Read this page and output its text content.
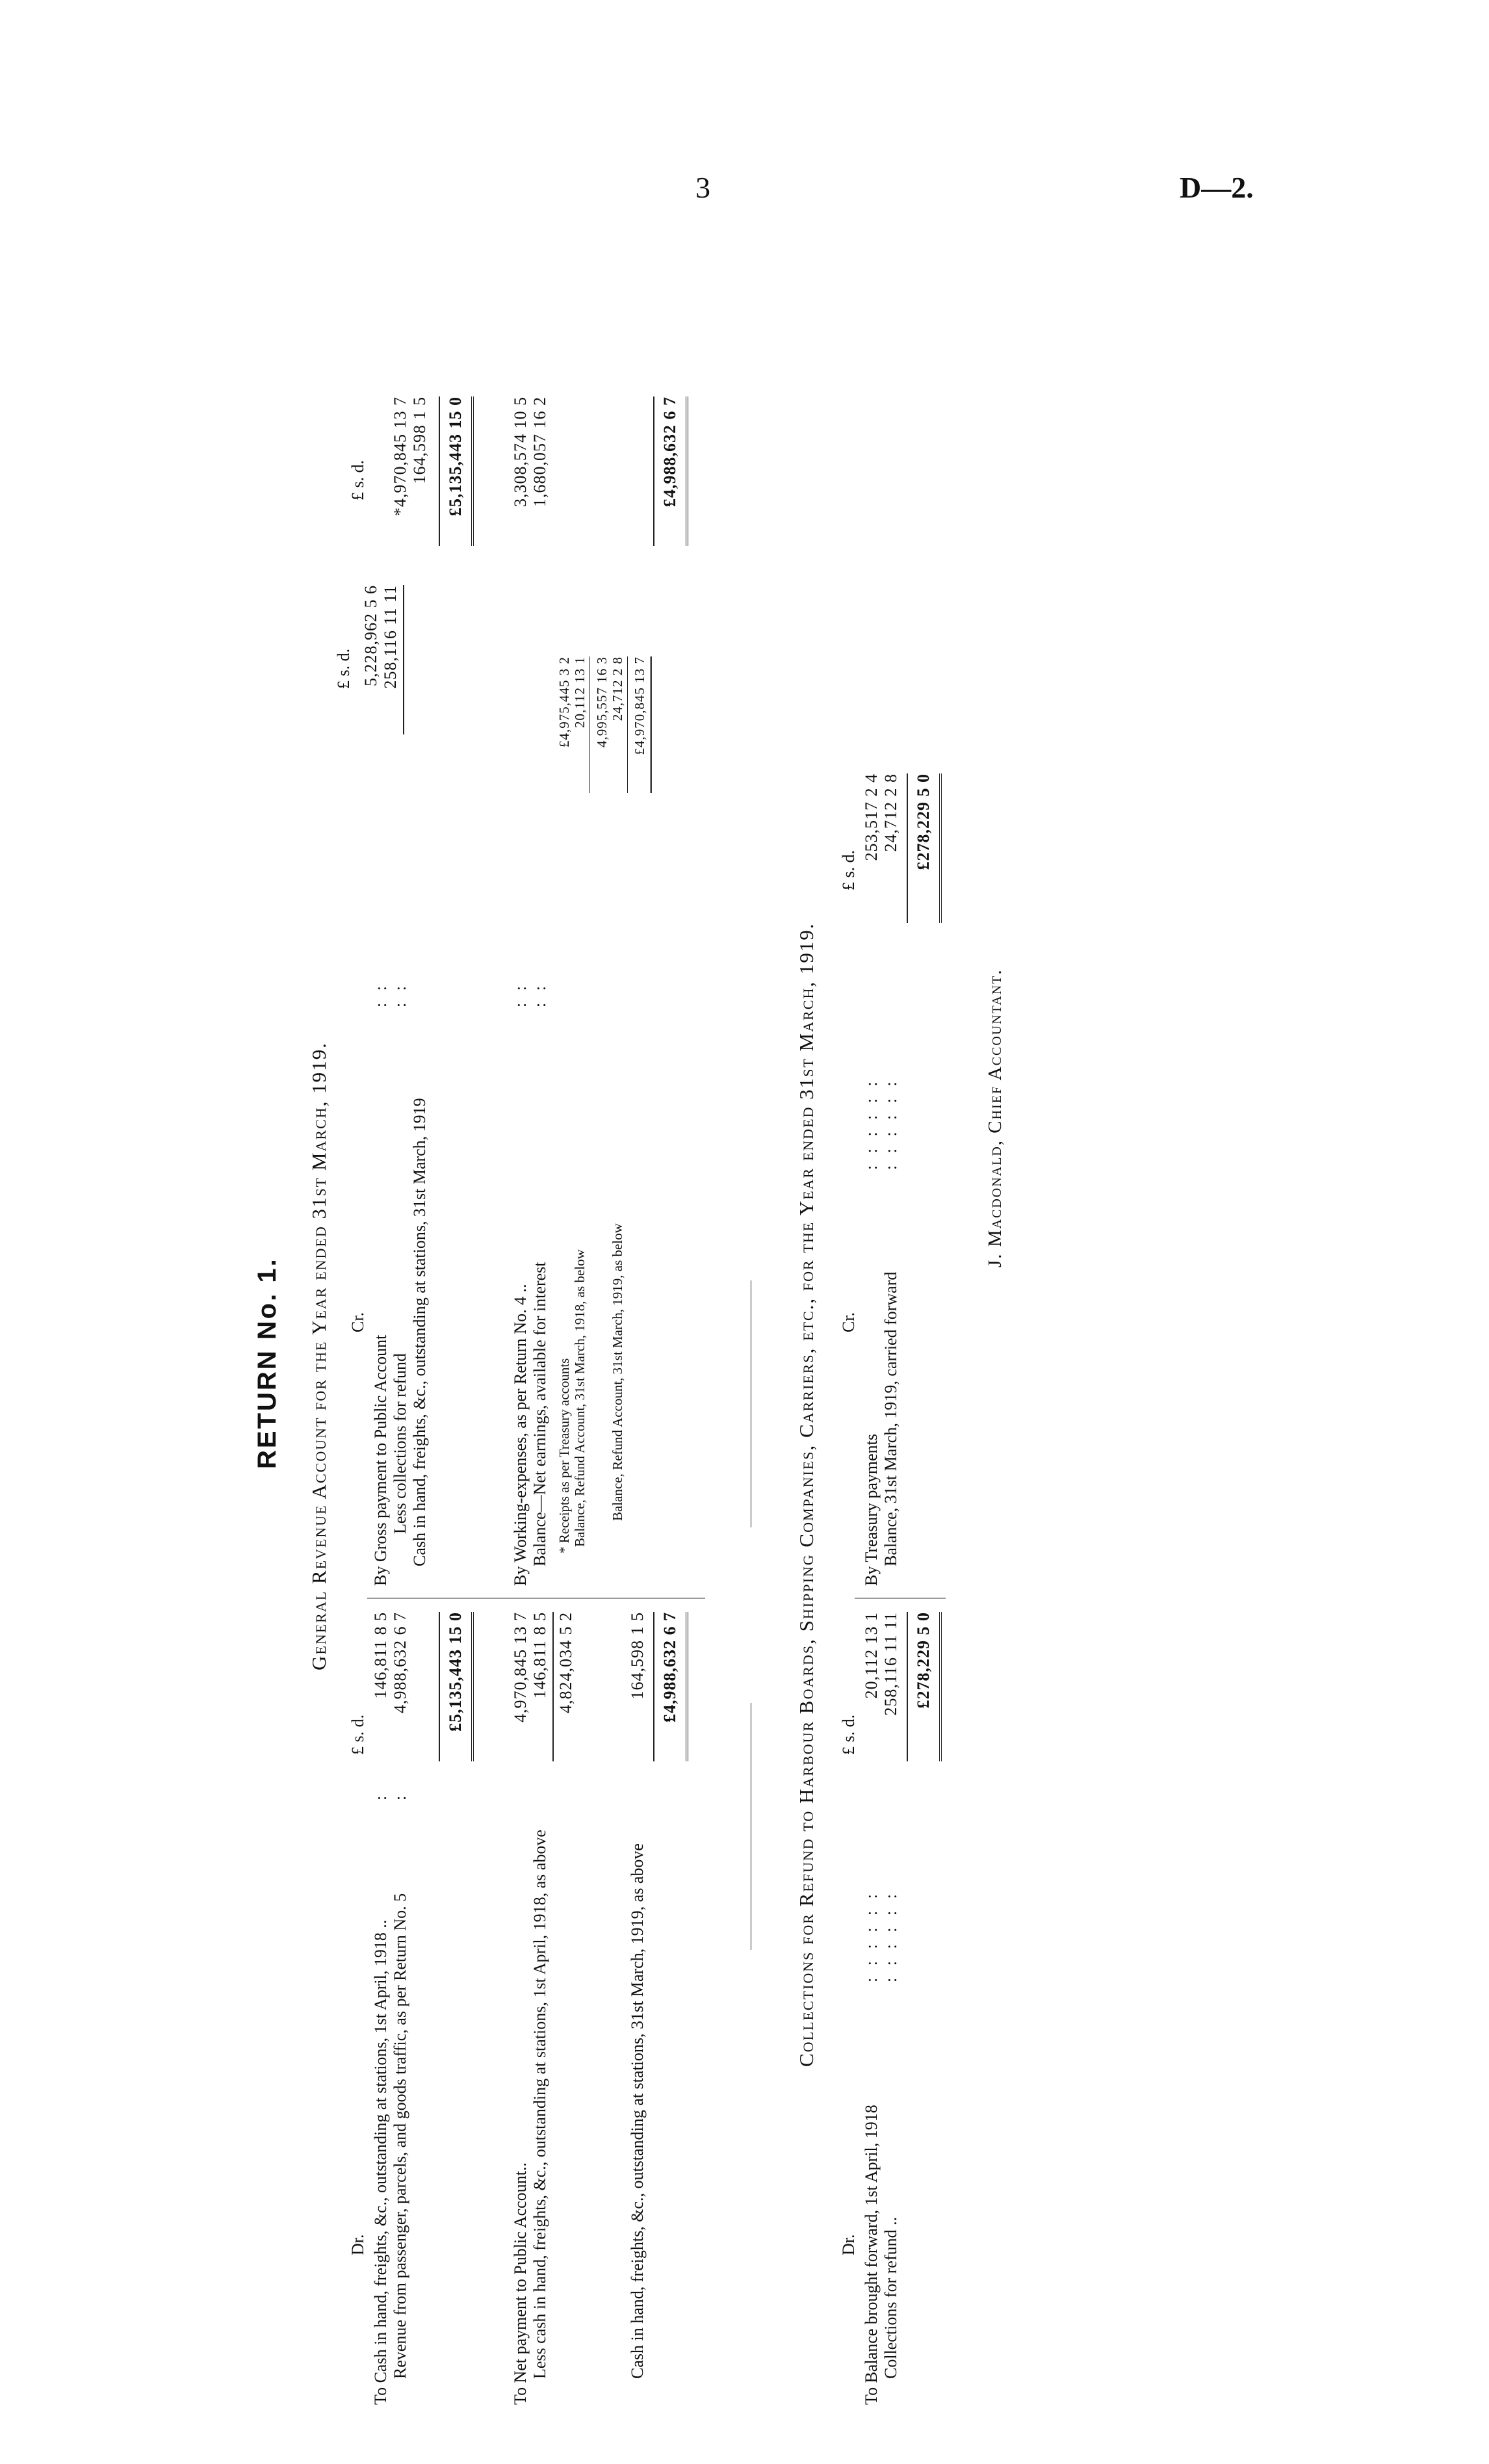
3	D—2.
RETURN No. 1. General Revenue Account for the Year ended 31st March, 1919.
Dr.
£ s. d.
Cr.
£ s. d.
£ s. d.
To Cash in hand, freights, &c., outstanding at stations, 1st April, 1918 .. Revenue from passenger, parcels, and goods traffic, as per Return No. 5
: :
146,811 8 5 4,988,632 6 7 £5,135,443 15 0
To Net payment to Public Account.. Less cash in hand, freights, &c., outstanding at stations, 1st April, 1918, as above
4,970,845 13 7 146,811 8 5 4,824,034 5 2
Cash in hand, freights, &c., outstanding at stations, 31st March, 1919, as above
164,598 1 5 £4,988,632 6 7
By Gross payment to Public Account Less collections for refund
: : : :
5,228,962 5 6 258,116 11 11
*4,970,845 13 7
Cash in hand, freights, &c., outstanding at stations, 31st March, 1919
164,598 1 5 £5,135,443 15 0
By Working-expenses, as per Return No. 4 .. Balance—Net earnings, available for interest
: : : :
3,308,574 10 5 1,680,057 16 2
* Receipts as per Treasury accounts Balance, Refund Account, 31st March, 1918, as below
£4,975,445 3 2 20,112 13 1 4,995,557 16 3
Balance, Refund Account, 31st March, 1919, as below
24,712 2 8 £4,970,845 13 7
£4,988,632 6 7
Collections for Refund to Harbour Boards, Shipping Companies, Carriers, etc., for the Year ended 31st March, 1919.
Dr.
£ s. d.
Cr.
£ s. d.
To Balance brought forward, 1st April, 1918 Collections for refund ..
: : : : : : : : : : : :
20,112 13 1 258,116 11 11 £278,229 5 0
By Treasury payments Balance, 31st March, 1919, carried forward
: : : : : : : : : : : :
253,517 2 4 24,712 2 8 £278,229 5 0
J. Macdonald, Chief Accountant.
